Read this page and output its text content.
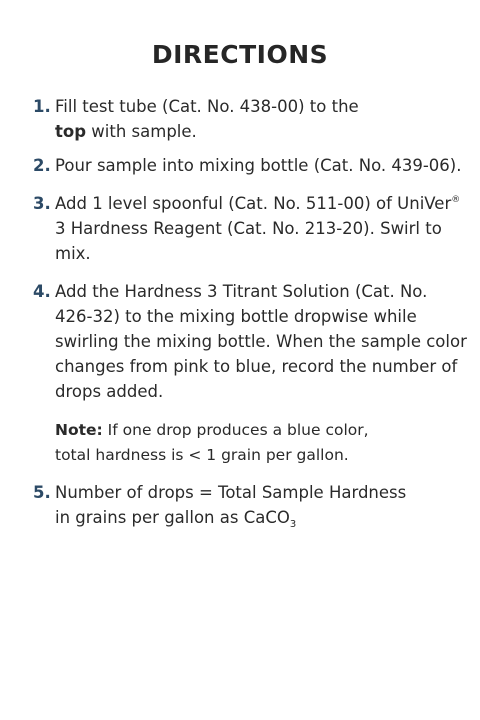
DIRECTIONS
1. Fill test tube (Cat. No. 438-00) to the
top with sample.
2. Pour sample into mixing bottle (Cat. No. 439-06).
3. Add 1 level spoonful (Cat. No. 511-00) of UniVer®
3 Hardness Reagent (Cat. No. 213-20). Swirl to
mix.
4. Add the Hardness 3 Titrant Solution (Cat. No.
426-32) to the mixing bottle dropwise while
swirling the mixing bottle. When the sample color
changes from pink to blue, record the number of
drops added.
Note: If one drop produces a blue color,
total hardness is < 1 grain per gallon.
5. Number of drops = Total Sample Hardness
in grains per gallon as CaCO$_3$
